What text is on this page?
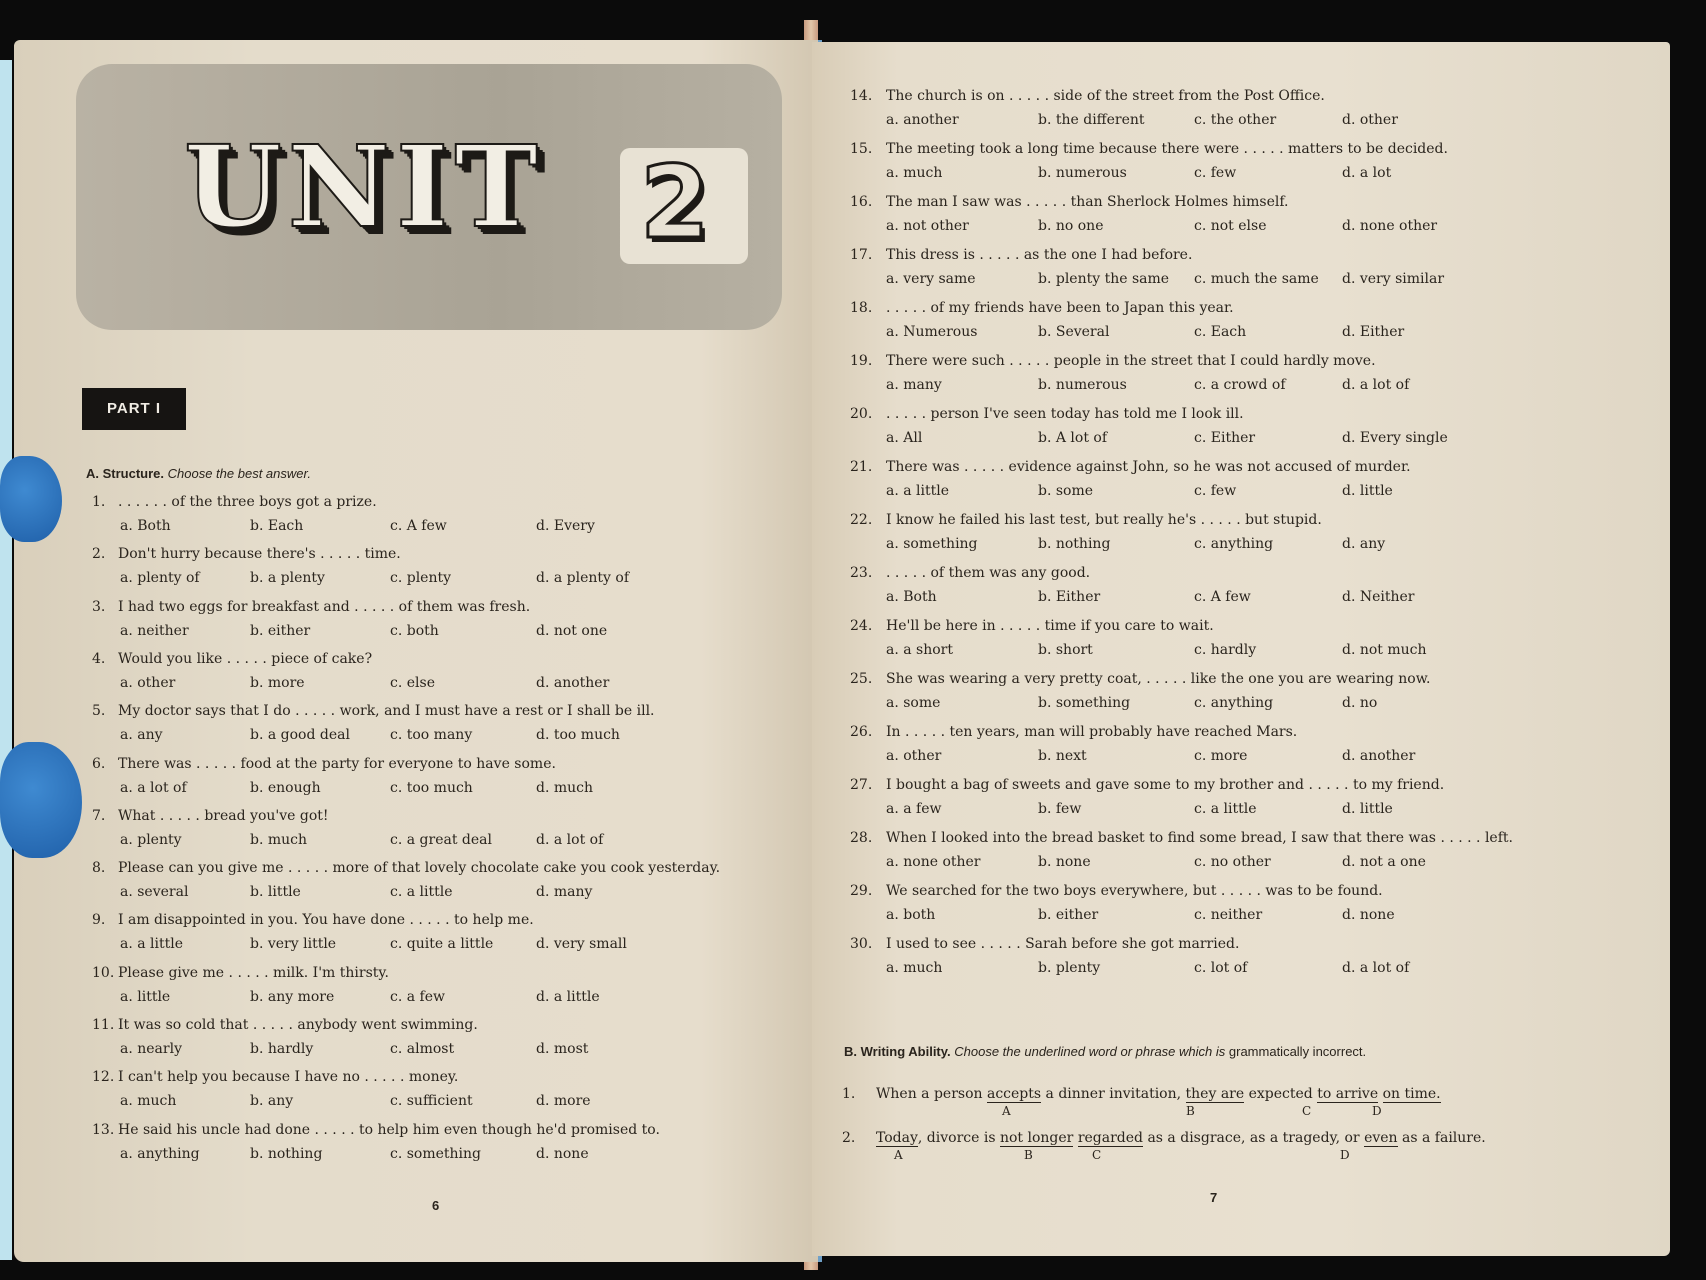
UNIT 2
PART I
A. Structure. Choose the best answer.
1. . . . . . . of the three boys got a prize.
a. Both	b. Each	c. A few	d. Every
2. Don't hurry because there's . . . . . time.
a. plenty of	b. a plenty	c. plenty	d. a plenty of
3. I had two eggs for breakfast and . . . . . of them was fresh.
a. neither	b. either	c. both	d. not one
4. Would you like . . . . . piece of cake?
a. other	b. more	c. else	d. another
5. My doctor says that I do . . . . . work, and I must have a rest or I shall be ill.
a. any	b. a good deal	c. too many	d. too much
6. There was . . . . . food at the party for everyone to have some.
a. a lot of	b. enough	c. too much	d. much
7. What . . . . . bread you've got!
a. plenty	b. much	c. a great deal	d. a lot of
8. Please can you give me . . . . . more of that lovely chocolate cake you cook yesterday.
a. several	b. little	c. a little	d. many
9. I am disappointed in you. You have done . . . . . to help me.
a. a little	b. very little	c. quite a little	d. very small
10. Please give me . . . . . milk. I'm thirsty.
a. little	b. any more	c. a few	d. a little
11. It was so cold that . . . . . anybody went swimming.
a. nearly	b. hardly	c. almost	d. most
12. I can't help you because I have no . . . . . money.
a. much	b. any	c. sufficient	d. more
13. He said his uncle had done . . . . . to help him even though he'd promised to.
a. anything	b. nothing	c. something	d. none
6
14. The church is on . . . . . side of the street from the Post Office.
a. another	b. the different	c. the other	d. other
15. The meeting took a long time because there were . . . . . matters to be decided.
a. much	b. numerous	c. few	d. a lot
16. The man I saw was . . . . . than Sherlock Holmes himself.
a. not other	b. no one	c. not else	d. none other
17. This dress is . . . . . as the one I had before.
a. very same	b. plenty the same c. much the same d. very similar
18. . . . . . of my friends have been to Japan this year.
a. Numerous	b. Several	c. Each	d. Either
19. There were such . . . . . people in the street that I could hardly move.
a. many	b. numerous	c. a crowd of	d. a lot of
20. . . . . . person I've seen today has told me I look ill.
a. All	b. A lot of	c. Either	d. Every single
21. There was . . . . . evidence against John, so he was not accused of murder.
a. a little	b. some	c. few	d. little
22. I know he failed his last test, but really he's . . . . . but stupid.
a. something	b. nothing	c. anything	d. any
23. . . . . . of them was any good.
a. Both	b. Either	c. A few	d. Neither
24. He'll be here in . . . . . time if you care to wait.
a. a short	b. short	c. hardly	d. not much
25. She was wearing a very pretty coat, . . . . . like the one you are wearing now.
a. some	b. something	c. anything	d. no
26. In . . . . . ten years, man will probably have reached Mars.
a. other	b. next	c. more	d. another
27. I bought a bag of sweets and gave some to my brother and . . . . . to my friend.
a. a few	b. few	c. a little	d. little
28. When I looked into the bread basket to find some bread, I saw that there was . . . . . left.
a. none other	b. none	c. no other	d. not a one
29. We searched for the two boys everywhere, but . . . . . was to be found.
a. both	b. either	c. neither	d. none
30. I used to see . . . . . Sarah before she got married.
a. much	b. plenty	c. lot of	d. a lot of
B. Writing Ability. Choose the underlined word or phrase which is grammatically incorrect.
1. When a person accepts a dinner invitation, they are expected to arrive on time.
A	B	C	D
2. Today, divorce is not longer regarded as a disgrace, as a tragedy, or even as a failure.
A	B	C	D
7
